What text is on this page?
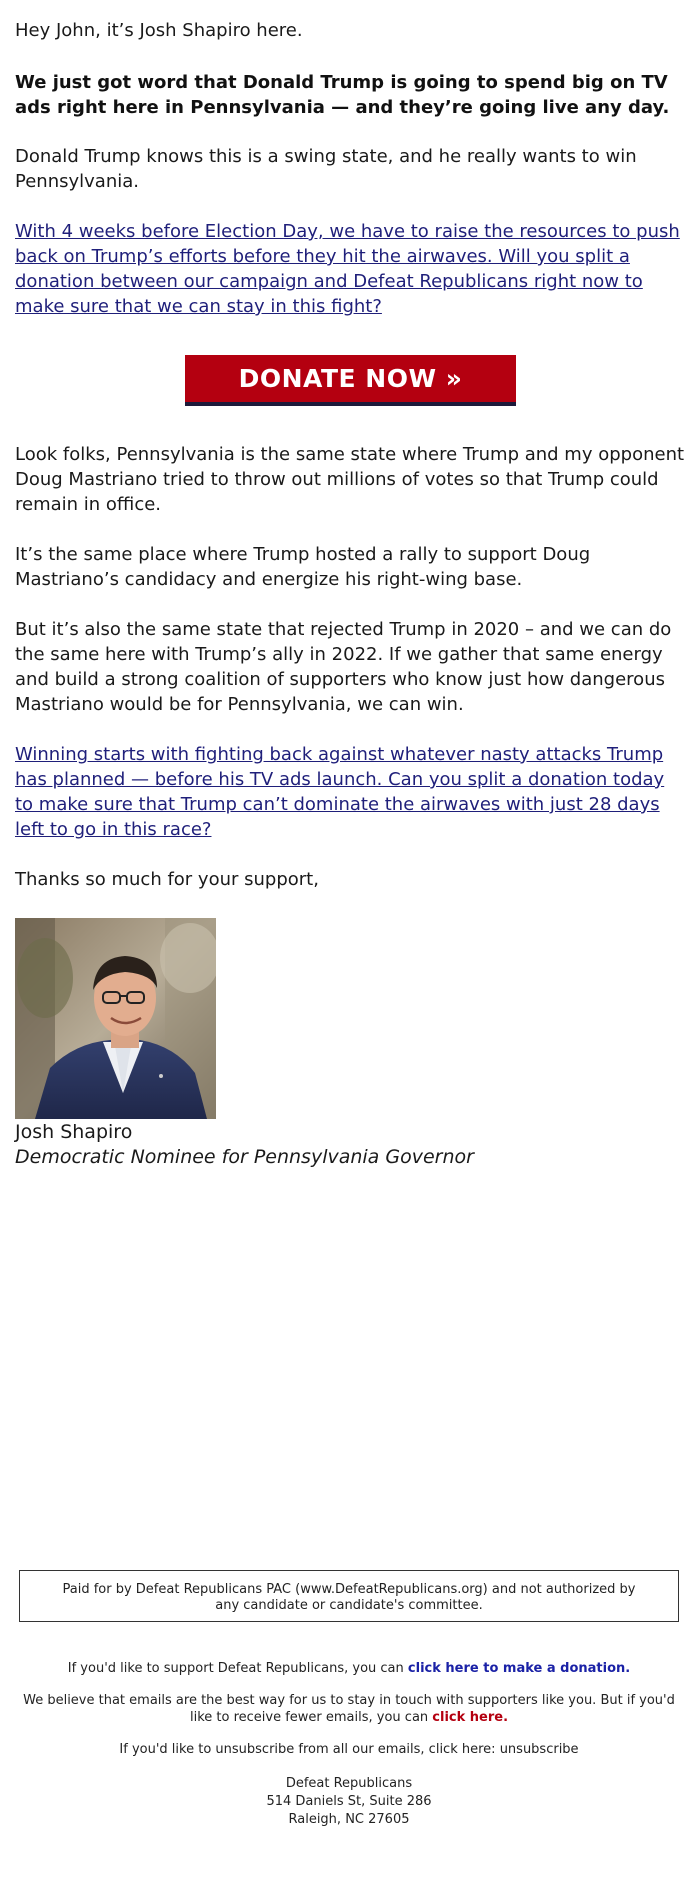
Hey John, it’s Josh Shapiro here.

We just got word that Donald Trump is going to spend big on TV ads right here in Pennsylvania — and they’re going live any day.

Donald Trump knows this is a swing state, and he really wants to win Pennsylvania.

With 4 weeks before Election Day, we have to raise the resources to push back on Trump’s efforts before they hit the airwaves. Will you split a donation between our campaign and Defeat Republicans right now to make sure that we can stay in this fight?

DONATE NOW »

Look folks, Pennsylvania is the same state where Trump and my opponent Doug Mastriano tried to throw out millions of votes so that Trump could remain in office.

It’s the same place where Trump hosted a rally to support Doug Mastriano’s candidacy and energize his right-wing base.

But it’s also the same state that rejected Trump in 2020 – and we can do the same here with Trump’s ally in 2022. If we gather that same energy and build a strong coalition of supporters who know just how dangerous Mastriano would be for Pennsylvania, we can win.

Winning starts with fighting back against whatever nasty attacks Trump has planned — before his TV ads launch. Can you split a donation today to make sure that Trump can’t dominate the airwaves with just 28 days left to go in this race?

Thanks so much for your support,

Josh Shapiro
Democratic Nominee for Pennsylvania Governor
Paid for by Defeat Republicans PAC (www.DefeatRepublicans.org) and not authorized by any candidate or candidate's committee.
If you'd like to support Defeat Republicans, you can click here to make a donation.
We believe that emails are the best way for us to stay in touch with supporters like you. But if you'd like to receive fewer emails, you can click here.
If you'd like to unsubscribe from all our emails, click here: unsubscribe
Defeat Republicans
514 Daniels St, Suite 286
Raleigh, NC 27605
